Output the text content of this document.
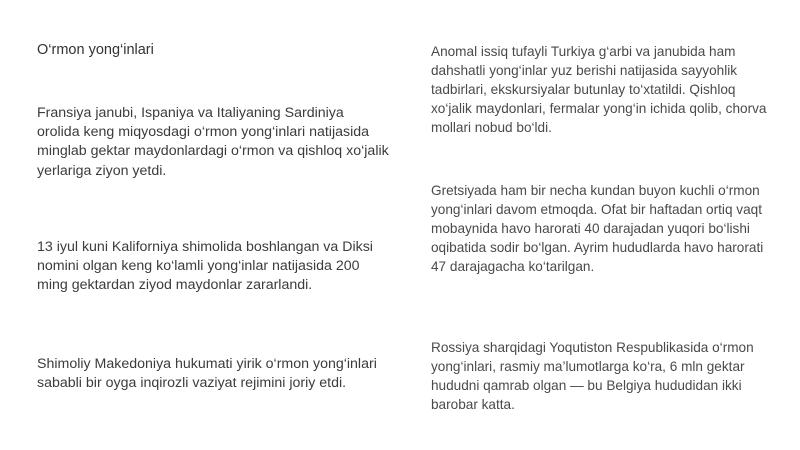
O‘rmon yong‘inlari

Fransiya janubi, Ispaniya va Italiyaning Sardiniya orolida keng miqyosdagi o‘rmon yong‘inlari natijasida minglab gektar maydonlardagi o‘rmon va qishloq xo‘jalik yerlariga ziyon yetdi.

13 iyul kuni Kaliforniya shimolida boshlangan va Diksi nomini olgan keng ko‘lamli yong‘inlar natijasida 200 ming gektardan ziyod maydonlar zararlandi.

Shimoliy Makedoniya hukumati yirik o‘rmon yong‘inlari sababli bir oyga inqirozli vaziyat rejimini joriy etdi.

Anomal issiq tufayli Turkiya g‘arbi va janubida ham dahshatli yong‘inlar yuz berishi natijasida sayyohlik tadbirlari, ekskursiyalar butunlay to‘xtatildi. Qishloq xo‘jalik maydonlari, fermalar yong‘in ichida qolib, chorva mollari nobud bo‘ldi.

Gretsiyada ham bir necha kundan buyon kuchli o‘rmon yong‘inlari davom etmoqda. Ofat bir haftadan ortiq vaqt mobaynida havo harorati 40 darajadan yuqori bo‘lishi oqibatida sodir bo‘lgan. Ayrim hududlarda havo harorati 47 darajagacha ko‘tarilgan.

Rossiya sharqidagi Yoqutiston Respublikasida o‘rmon yong‘inlari, rasmiy ma’lumotlarga ko‘ra, 6 mln gektar hududni qamrab olgan — bu Belgiya hududidan ikki barobar katta.
